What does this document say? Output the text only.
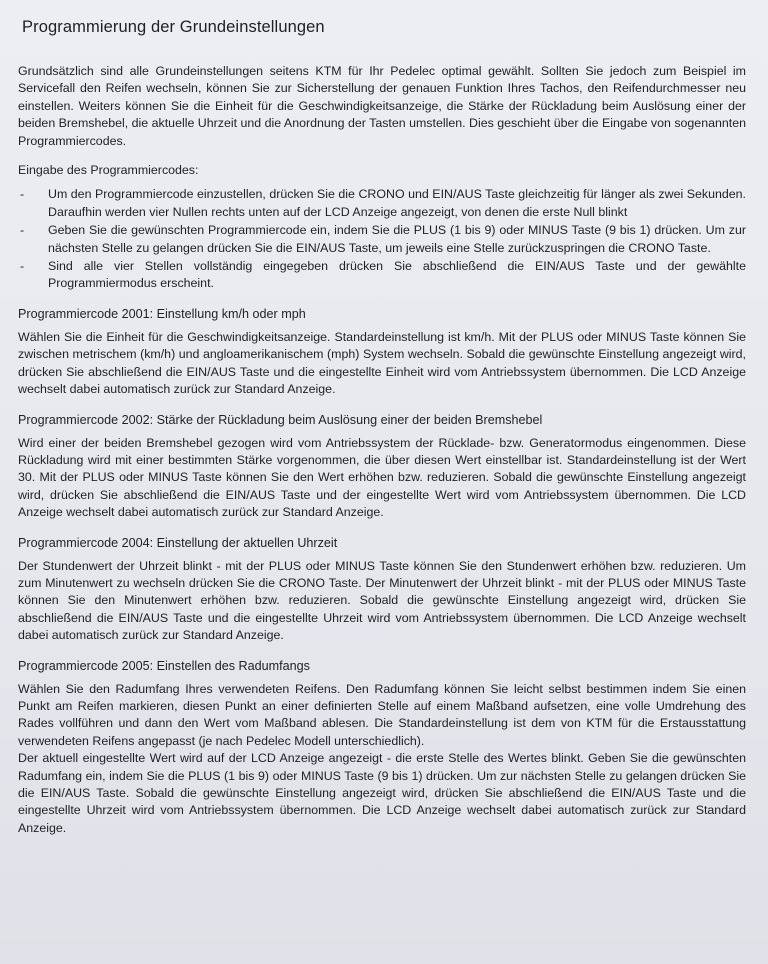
Programmierung der Grundeinstellungen

Grundsätzlich sind alle Grundeinstellungen seitens KTM für Ihr Pedelec optimal gewählt. Sollten Sie jedoch zum Beispiel im Servicefall den Reifen wechseln, können Sie zur Sicherstellung der genauen Funktion Ihres Tachos, den Reifendurchmesser neu einstellen. Weiters können Sie die Einheit für die Geschwindigkeitsanzeige, die Stärke der Rückladung beim Auslösung einer der beiden Bremshebel, die aktuelle Uhrzeit und die Anordnung der Tasten umstellen. Dies geschieht über die Eingabe von sogenannten Programmiercodes.

Eingabe des Programmiercodes:

- Um den Programmiercode einzustellen, drücken Sie die CRONO und EIN/AUS Taste gleichzeitig für länger als zwei Sekunden. Daraufhin werden vier Nullen rechts unten auf der LCD Anzeige angezeigt, von denen die erste Null blinkt
- Geben Sie die gewünschten Programmiercode ein, indem Sie die PLUS (1 bis 9) oder MINUS Taste (9 bis 1) drücken. Um zur nächsten Stelle zu gelangen drücken Sie die EIN/AUS Taste, um jeweils eine Stelle zurückzuspringen die CRONO Taste.
- Sind alle vier Stellen vollständig eingegeben drücken Sie abschließend die EIN/AUS Taste und der gewählte Programmiermodus erscheint.
Programmiercode 2001: Einstellung km/h oder mph

Wählen Sie die Einheit für die Geschwindigkeitsanzeige. Standardeinstellung ist km/h. Mit der PLUS oder MINUS Taste können Sie zwischen metrischem (km/h) und angloamerikanischem (mph) System wechseln. Sobald die gewünschte Einstellung angezeigt wird, drücken Sie abschließend die EIN/AUS Taste und die eingestellte Einheit wird vom Antriebssystem übernommen. Die LCD Anzeige wechselt dabei automatisch zurück zur Standard Anzeige.

Programmiercode 2002: Stärke der Rückladung beim Auslösung einer der beiden Bremshebel

Wird einer der beiden Bremshebel gezogen wird vom Antriebssystem der Rücklade- bzw. Generatormodus eingenommen. Diese Rückladung wird mit einer bestimmten Stärke vorgenommen, die über diesen Wert einstellbar ist. Standardeinstellung ist der Wert 30. Mit der PLUS oder MINUS Taste können Sie den Wert erhöhen bzw. reduzieren. Sobald die gewünschte Einstellung angezeigt wird, drücken Sie abschließend die EIN/AUS Taste und der eingestellte Wert wird vom Antriebssystem übernommen. Die LCD Anzeige wechselt dabei automatisch zurück zur Standard Anzeige.

Programmiercode 2004: Einstellung der aktuellen Uhrzeit

Der Stundenwert der Uhrzeit blinkt - mit der PLUS oder MINUS Taste können Sie den Stundenwert erhöhen bzw. reduzieren. Um zum Minutenwert zu wechseln drücken Sie die CRONO Taste. Der Minutenwert der Uhrzeit blinkt - mit der PLUS oder MINUS Taste können Sie den Minutenwert erhöhen bzw. reduzieren. Sobald die gewünschte Einstellung angezeigt wird, drücken Sie abschließend die EIN/AUS Taste und die eingestellte Uhrzeit wird vom Antriebssystem übernommen. Die LCD Anzeige wechselt dabei automatisch zurück zur Standard Anzeige.

Programmiercode 2005: Einstellen des Radumfangs

Wählen Sie den Radumfang Ihres verwendeten Reifens. Den Radumfang können Sie leicht selbst bestimmen indem Sie einen Punkt am Reifen markieren, diesen Punkt an einer definierten Stelle auf einem Maßband aufsetzen, eine volle Umdrehung des Rades vollführen und dann den Wert vom Maßband ablesen. Die Standardeinstellung ist dem von KTM für die Erstausstattung verwendeten Reifens angepasst (je nach Pedelec Modell unterschiedlich).

Der aktuell eingestellte Wert wird auf der LCD Anzeige angezeigt - die erste Stelle des Wertes blinkt. Geben Sie die gewünschten Radumfang ein, indem Sie die PLUS (1 bis 9) oder MINUS Taste (9 bis 1) drücken. Um zur nächsten Stelle zu gelangen drücken Sie die EIN/AUS Taste. Sobald die gewünschte Einstellung angezeigt wird, drücken Sie abschließend die EIN/AUS Taste und die eingestellte Uhrzeit wird vom Antriebssystem übernommen. Die LCD Anzeige wechselt dabei automatisch zurück zur Standard Anzeige.
